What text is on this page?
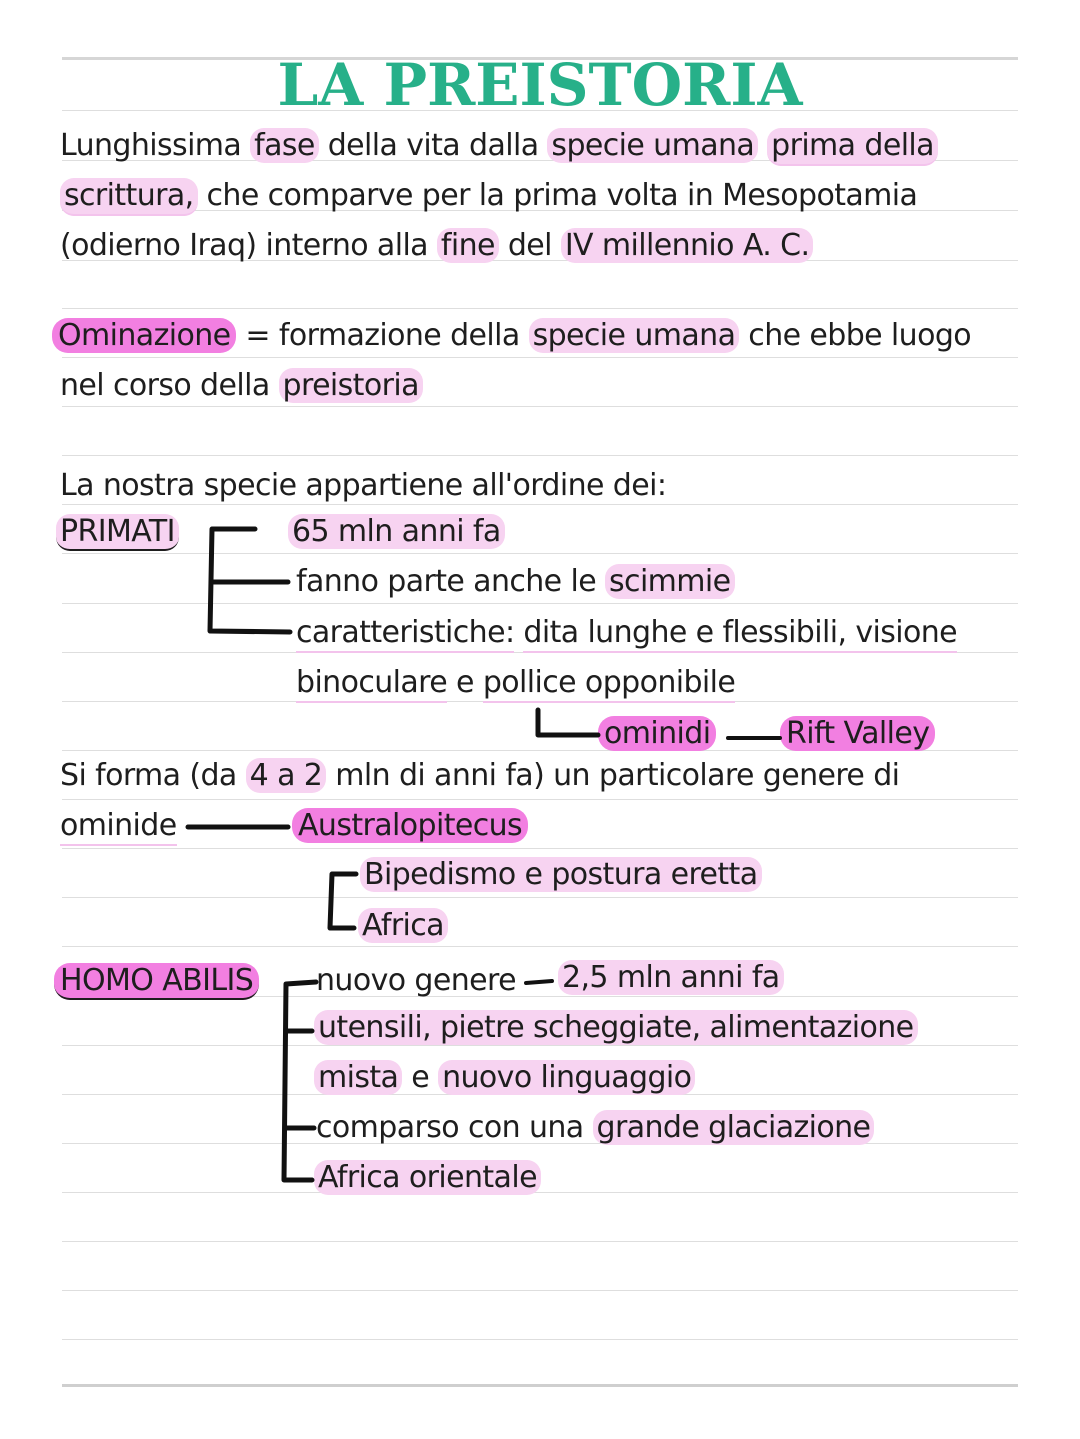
LA PREISTORIA
Lunghissima fase della vita dalla specie umana prima della
scrittura, che comparve per la prima volta in Mesopotamia
(odierno Iraq) interno alla fine del IV millennio A. C.
Ominazione = formazione della specie umana che ebbe luogo
nel corso della preistoria
La nostra specie appartiene all'ordine dei:
PRIMATI	65 mln anni fa
fanno parte anche le scimmie
caratteristiche: dita lunghe e flessibili, visione
binoculare e pollice opponibile
ominidi	Rift Valley
Si forma (da 4 a 2 mln di anni fa) un particolare genere di
ominide	Australopitecus
Bipedismo e postura eretta
Africa
HOMO ABILIS nuovo genere 2,5 mln anni fa
utensili, pietre scheggiate, alimentazione
mista e nuovo linguaggio
comparso con una grande glaciazione
Africa orientale
